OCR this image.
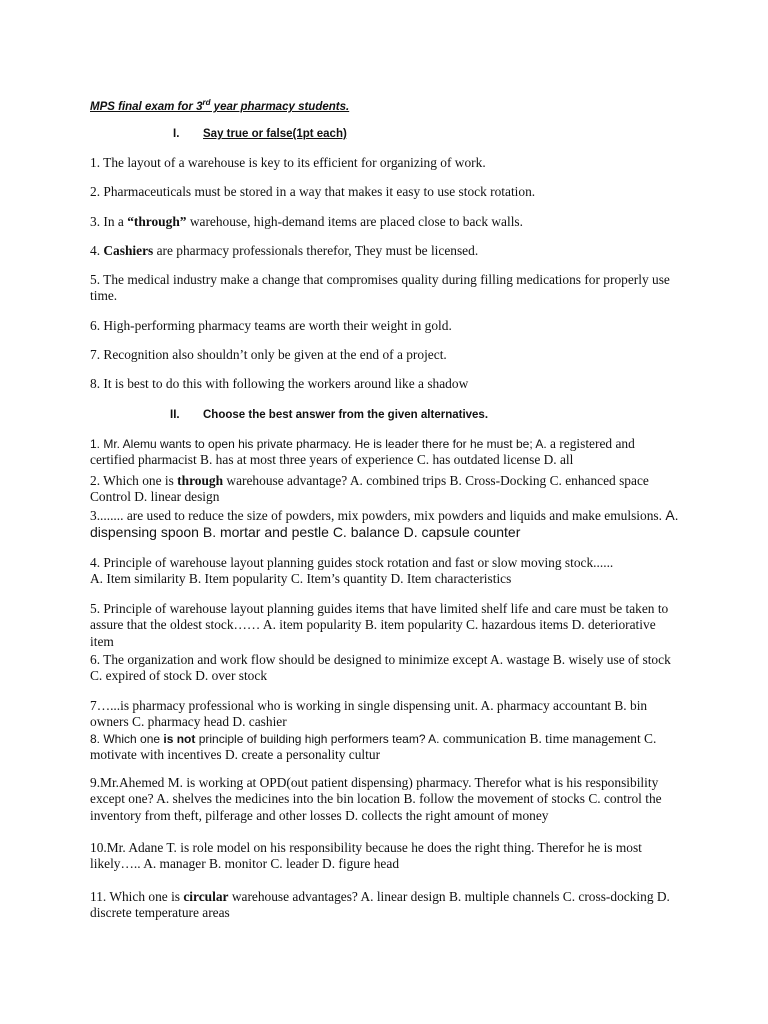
MPS final exam for 3rd year pharmacy students.
I. Say true or false(1pt each)
1. The layout of a warehouse is key to its efficient for organizing of work.
2. Pharmaceuticals must be stored in a way that makes it easy to use stock rotation.
3. In a “through” warehouse, high-demand items are placed close to back walls.
4. Cashiers are pharmacy professionals therefor, They must be licensed.
5. The medical industry make a change that compromises quality during filling medications for properly use time.
6. High-performing pharmacy teams are worth their weight in gold.
7. Recognition also shouldn’t only be given at the end of a project.
8. It is best to do this with following the workers around like a shadow
II. Choose the best answer from the given alternatives.
1. Mr. Alemu wants to open his private pharmacy. He is leader there for he must be; A. a registered and certified pharmacist B. has at most three years of experience C. has outdated license D. all
2. Which one is through warehouse advantage? A. combined trips B. Cross-Docking C. enhanced space Control D. linear design
3........ are used to reduce the size of powders, mix powders, mix powders and liquids and make emulsions. A. dispensing spoon B. mortar and pestle C. balance D. capsule counter
4. Principle of warehouse layout planning guides stock rotation and fast or slow moving stock......
A. Item similarity B. Item popularity C. Item’s quantity D. Item characteristics
5. Principle of warehouse layout planning guides items that have limited shelf life and care must be taken to assure that the oldest stock…… A. item popularity B. item popularity C. hazardous items D. deteriorative item
6. The organization and work flow should be designed to minimize except A. wastage B. wisely use of stock C. expired of stock D. over stock
7…...is pharmacy professional who is working in single dispensing unit. A. pharmacy accountant B. bin owners C. pharmacy head D. cashier
8. Which one is not principle of building high performers team? A. communication B. time management C. motivate with incentives D. create a personality cultur
9.Mr.Ahemed M. is working at OPD(out patient dispensing) pharmacy. Therefor what is his responsibility except one? A. shelves the medicines into the bin location B. follow the movement of stocks C. control the inventory from theft, pilferage and other losses D. collects the right amount of money
10.Mr. Adane T. is role model on his responsibility because he does the right thing. Therefor he is most likely….. A. manager B. monitor C. leader D. figure head
11. Which one is circular warehouse advantages? A. linear design B. multiple channels C. cross-docking D. discrete temperature areas
